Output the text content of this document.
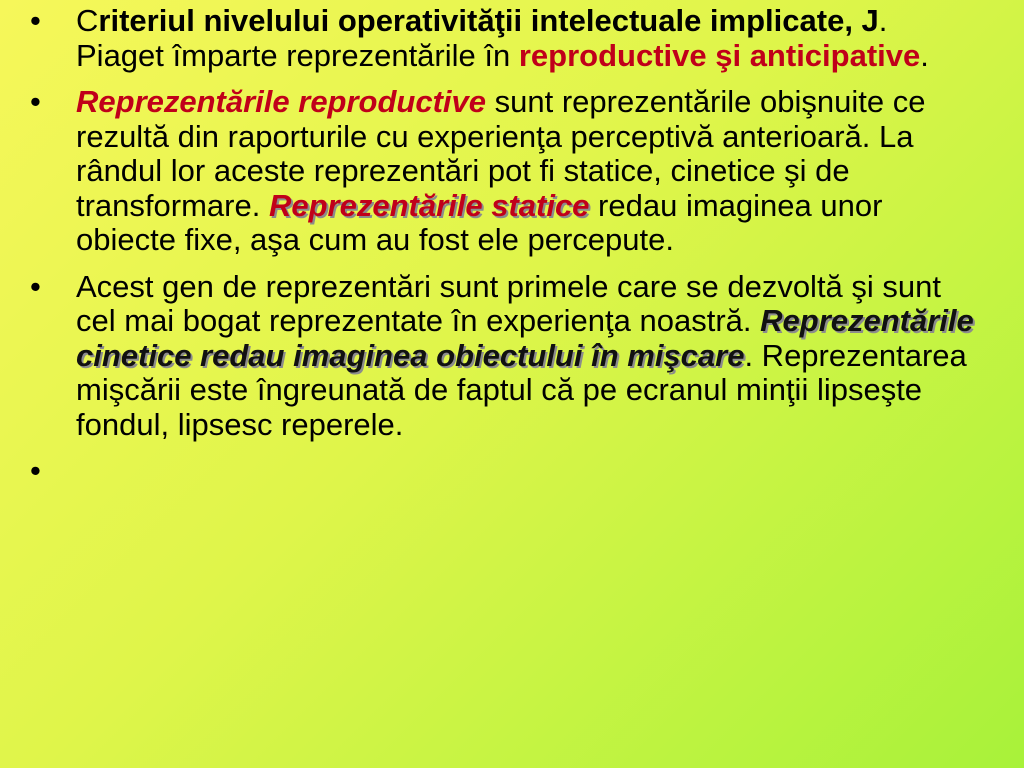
•	Criteriul nivelului operativităţii intelectuale implicate, J. Piaget împarte reprezentările în reproductive şi anticipative.
•	Reprezentările reproductive sunt reprezentările obişnuite ce rezultă din raporturile cu experienţa perceptivă anterioară. La rândul lor aceste reprezentări pot fi statice, cinetice şi de transformare. Reprezentările statice redau imaginea unor obiecte fixe, aşa cum au fost ele percepute.
•	Acest gen de reprezentări sunt primele care se dezvoltă şi sunt cel mai bogat reprezentate în experienţa noastră. Reprezentările cinetice redau imaginea obiectului în mişcare. Reprezentarea mişcării este îngreunată de faptul că pe ecranul minţii lipseşte fondul, lipsesc reperele.
•
